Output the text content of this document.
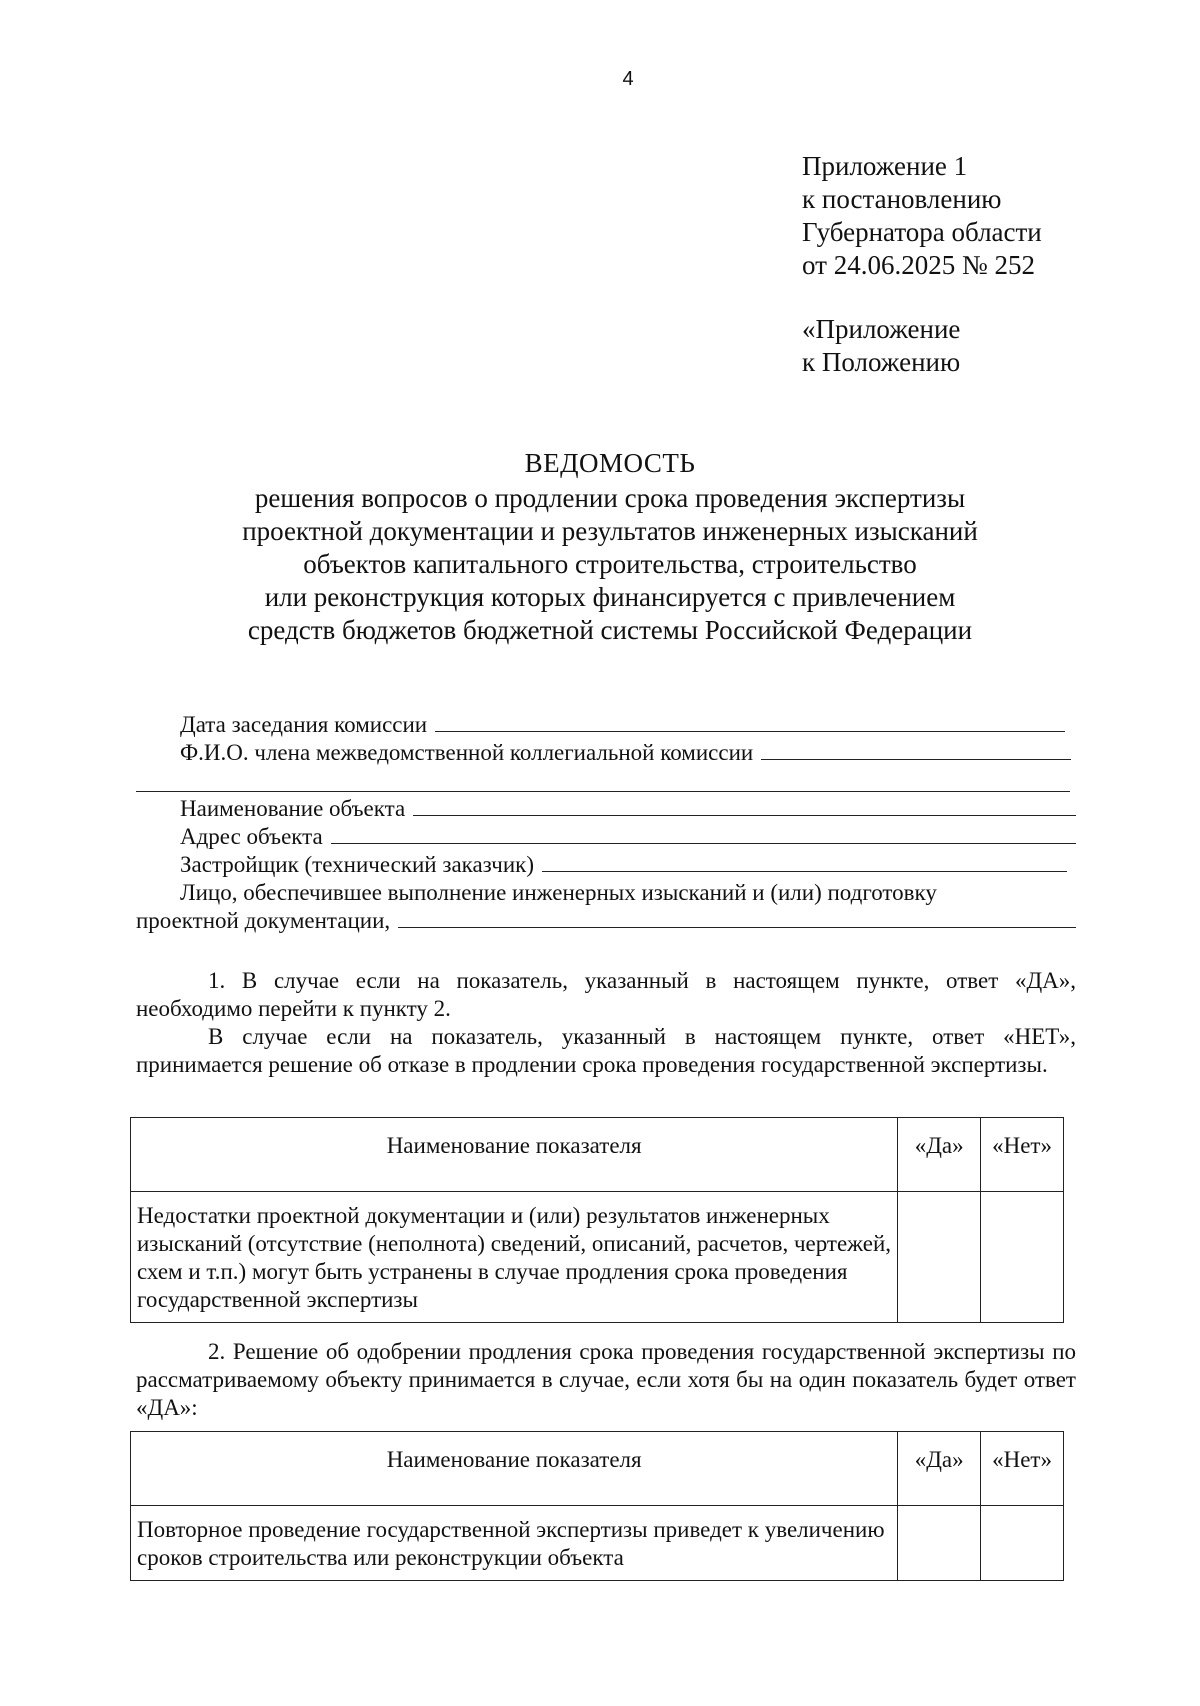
4
Приложение 1
к постановлению
Губернатора области
от 24.06.2025 № 252
«Приложение
к Положению
ВЕДОМОСТЬ
решения вопросов о продлении срока проведения экспертизы
проектной документации и результатов инженерных изысканий
объектов капитального строительства, строительство
или реконструкция которых финансируется с привлечением
средств бюджетов бюджетной системы Российской Федерации
Дата заседания комиссии
Ф.И.О. члена межведомственной коллегиальной комиссии
Наименование объекта
Адрес объекта
Застройщик (технический заказчик)
Лицо, обеспечившее выполнение инженерных изысканий и (или) подготовку
проектной документации,

1. В случае если на показатель, указанный в настоящем пункте, ответ «ДА», необходимо перейти к пункту 2.

В случае если на показатель, указанный в настоящем пункте, ответ «НЕТ», принимается решение об отказе в продлении срока проведения государственной экспертизы.

Наименование показателя	«Да»	«Нет»
Недостатки проектной документации и (или) результатов инженерных изысканий (отсутствие (неполнота) сведений, описаний, расчетов, чертежей, схем и т.п.) могут быть устранены в случае продления срока проведения государственной экспертизы		

2. Решение об одобрении продления срока проведения государственной экспертизы по рассматриваемому объекту принимается в случае, если хотя бы на один показатель будет ответ «ДА»:

Наименование показателя	«Да»	«Нет»
Повторное проведение государственной экспертизы приведет к увеличению сроков строительства или реконструкции объекта		
